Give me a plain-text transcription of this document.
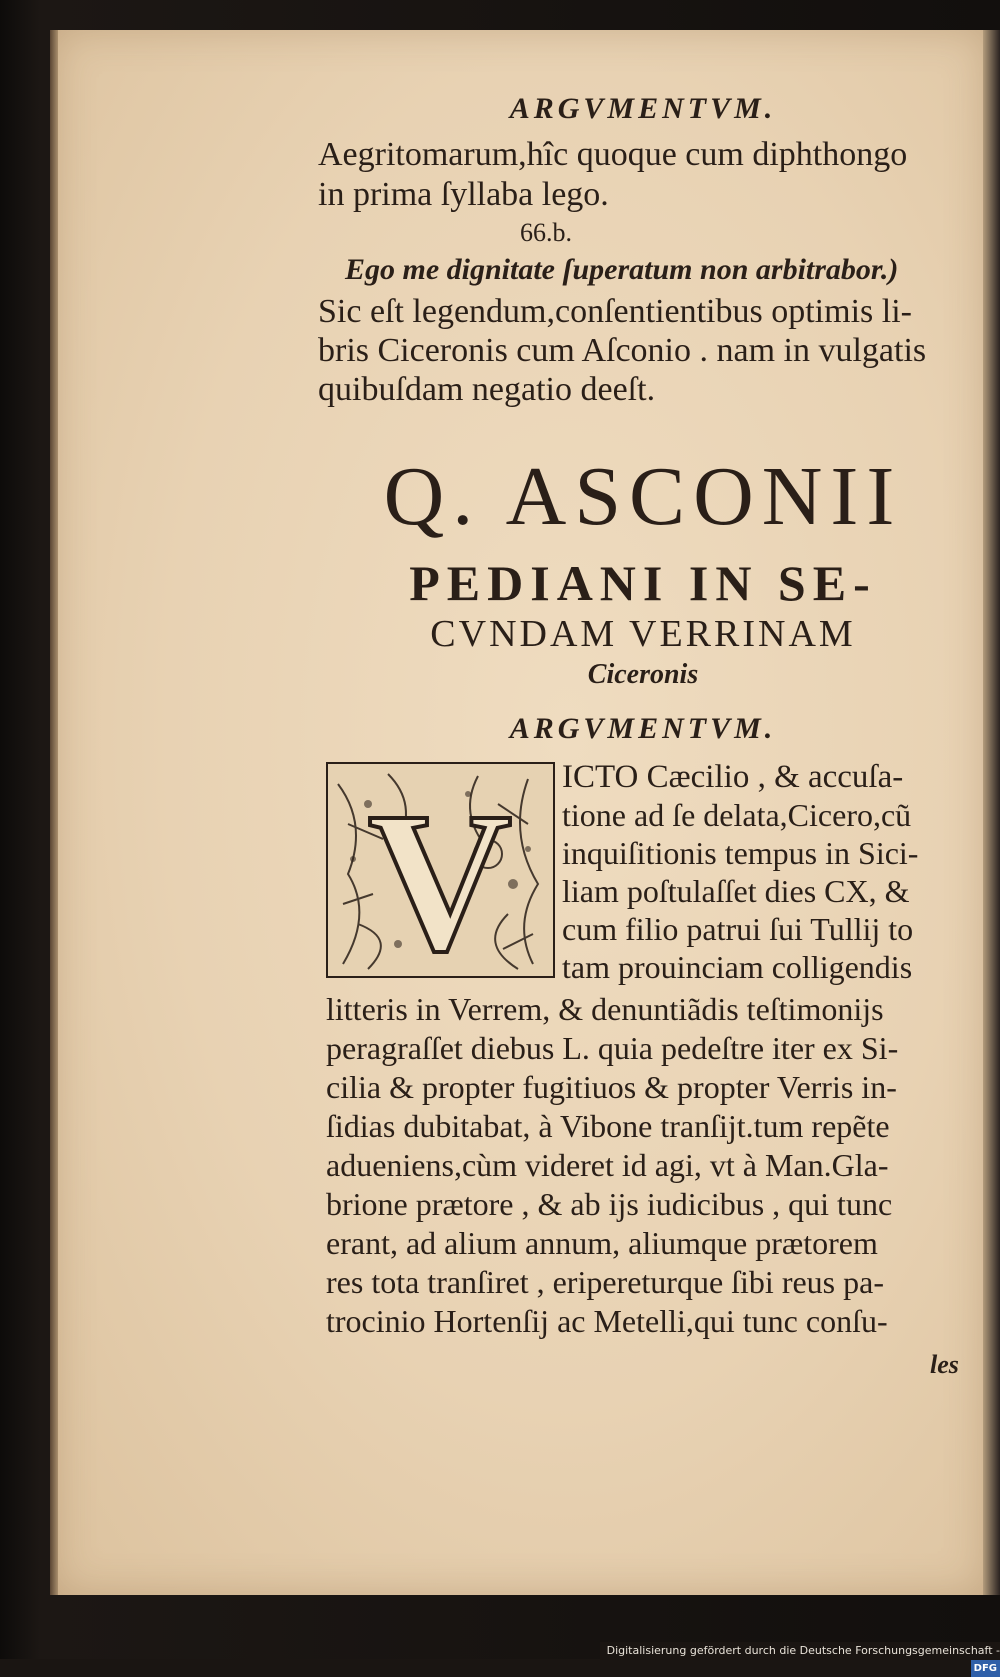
ARGVMENTVM.
Aegritomarum,hîc quoque cum diphthongo
in prima ſyllaba lego.
66.b.
Ego me dignitate ſuperatum non arbitrabor.)
Sic eſt legendum,conſentientibus optimis li-
bris Ciceronis cum Aſconio . nam in vulgatis
quibuſdam negatio deeſt.
Q. ASCONII
PEDIANI IN SE-
CVNDAM VERRINAM
Ciceronis
ARGVMENTVM.
V ICTO Cæcilio , & accuſa-
tione ad ſe delata,Cicero,cũ
inquiſitionis tempus in Sici-
liam poſtulaſſet dies CX, &
cum filio patrui ſui Tullij to
tam prouinciam colligendis
litteris in Verrem, & denuntiãdis teſtimonijs
peragraſſet diebus L. quia pedeſtre iter ex Si-
cilia & propter fugitiuos & propter Verris in-
ſidias dubitabat, à Vibone tranſijt.tum repẽte
adueniens,cùm videret id agi, vt à Man.Gla-
brione prætore , & ab ijs iudicibus , qui tunc
erant, ad alium annum, aliumque prætorem
res tota tranſiret , eripereturque ſibi reus pa-
trocinio Hortenſij ac Metelli,qui tunc conſu-
les
Digitalisierung gefördert durch die Deutsche Forschungsgemeinschaft -DFG
